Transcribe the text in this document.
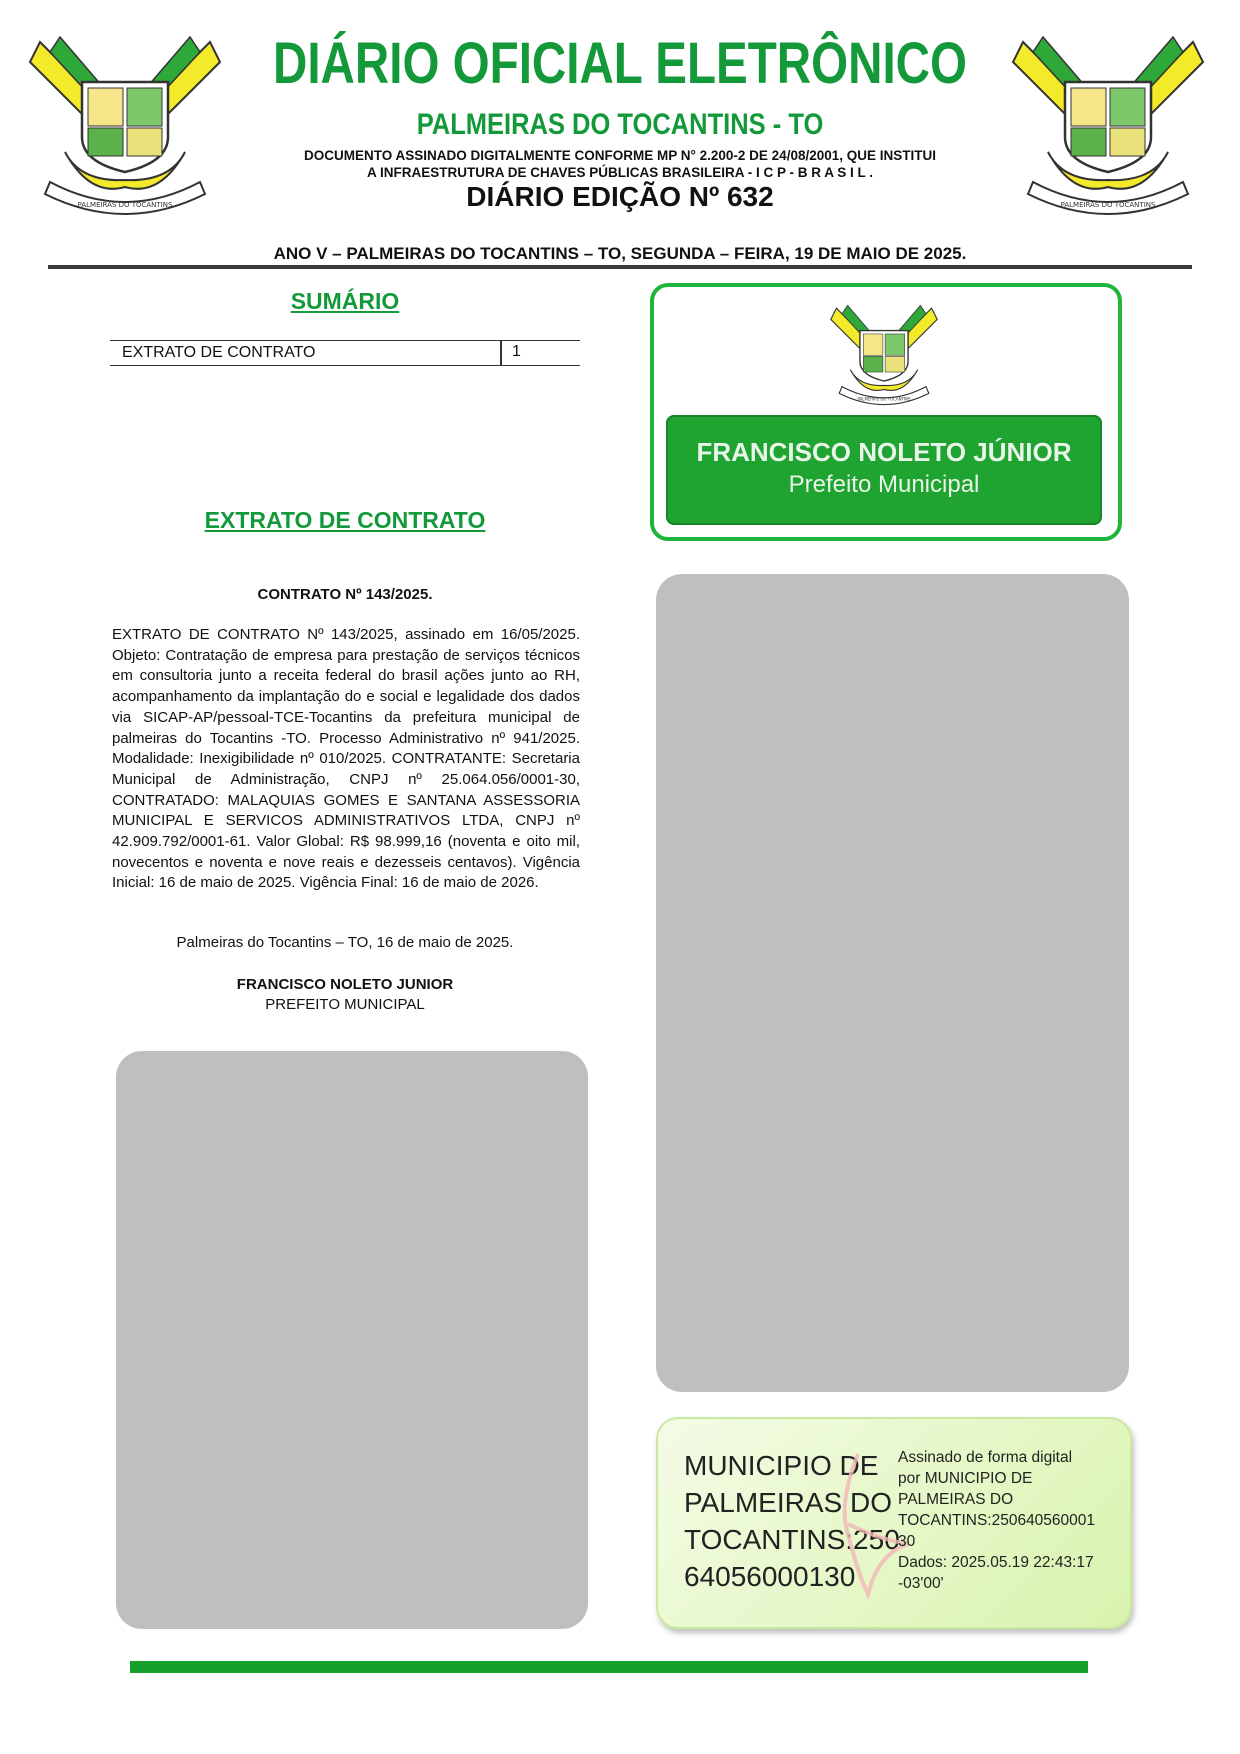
DIÁRIO OFICIAL ELETRÔNICO
PALMEIRAS DO TOCANTINS - TO
DOCUMENTO ASSINADO DIGITALMENTE CONFORME MP N° 2.200-2 DE 24/08/2001, QUE INSTITUI
A INFRAESTRUTURA DE CHAVES PÚBLICAS BRASILEIRA - I C P - B R A S I L .
DIÁRIO EDIÇÃO Nº 632
ANO V – PALMEIRAS DO TOCANTINS – TO, SEGUNDA – FEIRA, 19 DE MAIO DE 2025.
SUMÁRIO
EXTRATO DE CONTRATO	1
EXTRATO DE CONTRATO
CONTRATO Nº 143/2025.
EXTRATO DE CONTRATO Nº 143/2025, assinado em 16/05/2025. Objeto: Contratação de empresa para prestação de serviços técnicos em consultoria junto a receita federal do brasil ações junto ao RH, acompanhamento da implantação do e social e legalidade dos dados via SICAP-AP/pessoal-TCE-Tocantins da prefeitura municipal de palmeiras do Tocantins -TO. Processo Administrativo nº 941/2025. Modalidade: Inexigibilidade nº 010/2025. CONTRATANTE: Secretaria Municipal de Administração, CNPJ nº 25.064.056/0001-30, CONTRATADO: MALAQUIAS GOMES E SANTANA ASSESSORIA MUNICIPAL E SERVICOS ADMINISTRATIVOS LTDA, CNPJ nº 42.909.792/0001-61. Valor Global: R$ 98.999,16 (noventa e oito mil, novecentos e noventa e nove reais e dezesseis centavos). Vigência Inicial: 16 de maio de 2025. Vigência Final: 16 de maio de 2026.
Palmeiras do Tocantins – TO, 16 de maio de 2025.
FRANCISCO NOLETO JUNIOR
PREFEITO MUNICIPAL
FRANCISCO NOLETO JÚNIOR
Prefeito Municipal
MUNICIPIO DE
PALMEIRAS DO
TOCANTINS:250
64056000130
Assinado de forma digital
por MUNICIPIO DE
PALMEIRAS DO
TOCANTINS:250640560001
30
Dados: 2025.05.19 22:43:17
-03'00'
